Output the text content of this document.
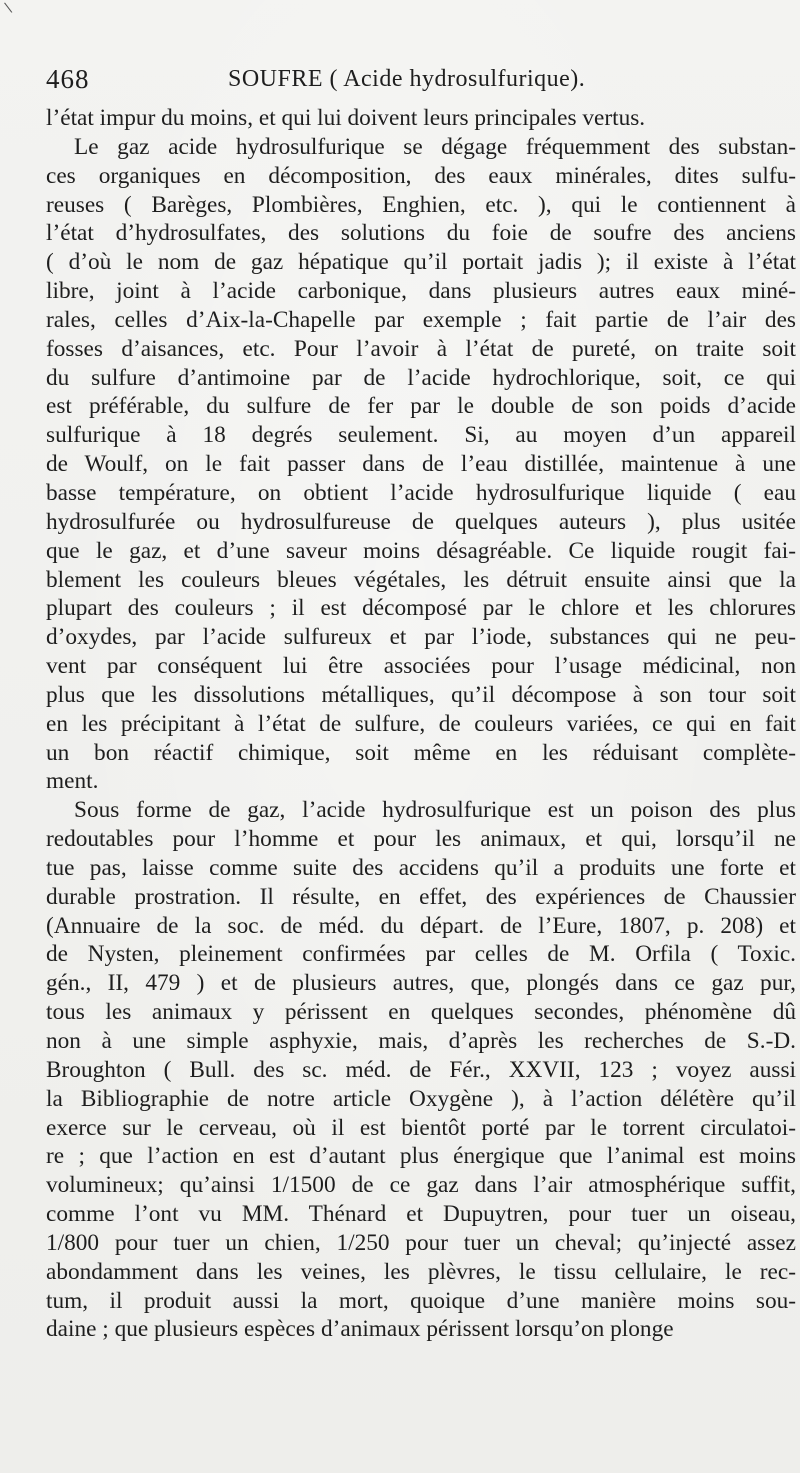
\
468	SOUFRE ( Acide hydrosulfurique).
l’état impur du moins, et qui lui doivent leurs principales vertus.
Le gaz acide hydrosulfurique se dégage fréquemment des substan-
ces organiques en décomposition, des eaux minérales, dites sulfu-
reuses ( Barèges, Plombières, Enghien, etc. ), qui le contiennent à
l’état d’hydrosulfates, des solutions du foie de soufre des anciens
( d’où le nom de gaz hépatique qu’il portait jadis ); il existe à l’état
libre, joint à l’acide carbonique, dans plusieurs autres eaux miné-
rales, celles d’Aix-la-Chapelle par exemple ; fait partie de l’air des
fosses d’aisances, etc. Pour l’avoir à l’état de pureté, on traite soit
du sulfure d’antimoine par de l’acide hydrochlorique, soit, ce qui
est préférable, du sulfure de fer par le double de son poids d’acide
sulfurique à 18 degrés seulement. Si, au moyen d’un appareil
de Woulf, on le fait passer dans de l’eau distillée, maintenue à une
basse température, on obtient l’acide hydrosulfurique liquide ( eau
hydrosulfurée ou hydrosulfureuse de quelques auteurs ), plus usitée
que le gaz, et d’une saveur moins désagréable. Ce liquide rougit fai-
blement les couleurs bleues végétales, les détruit ensuite ainsi que la
plupart des couleurs ; il est décomposé par le chlore et les chlorures
d’oxydes, par l’acide sulfureux et par l’iode, substances qui ne peu-
vent par conséquent lui être associées pour l’usage médicinal, non
plus que les dissolutions métalliques, qu’il décompose à son tour soit
en les précipitant à l’état de sulfure, de couleurs variées, ce qui en fait
un bon réactif chimique, soit même en les réduisant complète-
ment.
Sous forme de gaz, l’acide hydrosulfurique est un poison des plus
redoutables pour l’homme et pour les animaux, et qui, lorsqu’il ne
tue pas, laisse comme suite des accidens qu’il a produits une forte et
durable prostration. Il résulte, en effet, des expériences de Chaussier
(Annuaire de la soc. de méd. du départ. de l’Eure, 1807, p. 208) et
de Nysten, pleinement confirmées par celles de M. Orfila ( Toxic.
gén., II, 479 ) et de plusieurs autres, que, plongés dans ce gaz pur,
tous les animaux y périssent en quelques secondes, phénomène dû
non à une simple asphyxie, mais, d’après les recherches de S.-D.
Broughton ( Bull. des sc. méd. de Fér., XXVII, 123 ; voyez aussi
la Bibliographie de notre article Oxygène ), à l’action délétère qu’il
exerce sur le cerveau, où il est bientôt porté par le torrent circulatoi-
re ; que l’action en est d’autant plus énergique que l’animal est moins
volumineux; qu’ainsi 1/1500 de ce gaz dans l’air atmosphérique suffit,
comme l’ont vu MM. Thénard et Dupuytren, pour tuer un oiseau,
1/800 pour tuer un chien, 1/250 pour tuer un cheval; qu’injecté assez
abondamment dans les veines, les plèvres, le tissu cellulaire, le rec-
tum, il produit aussi la mort, quoique d’une manière moins sou-
daine ; que plusieurs espèces d’animaux périssent lorsqu’on plonge
